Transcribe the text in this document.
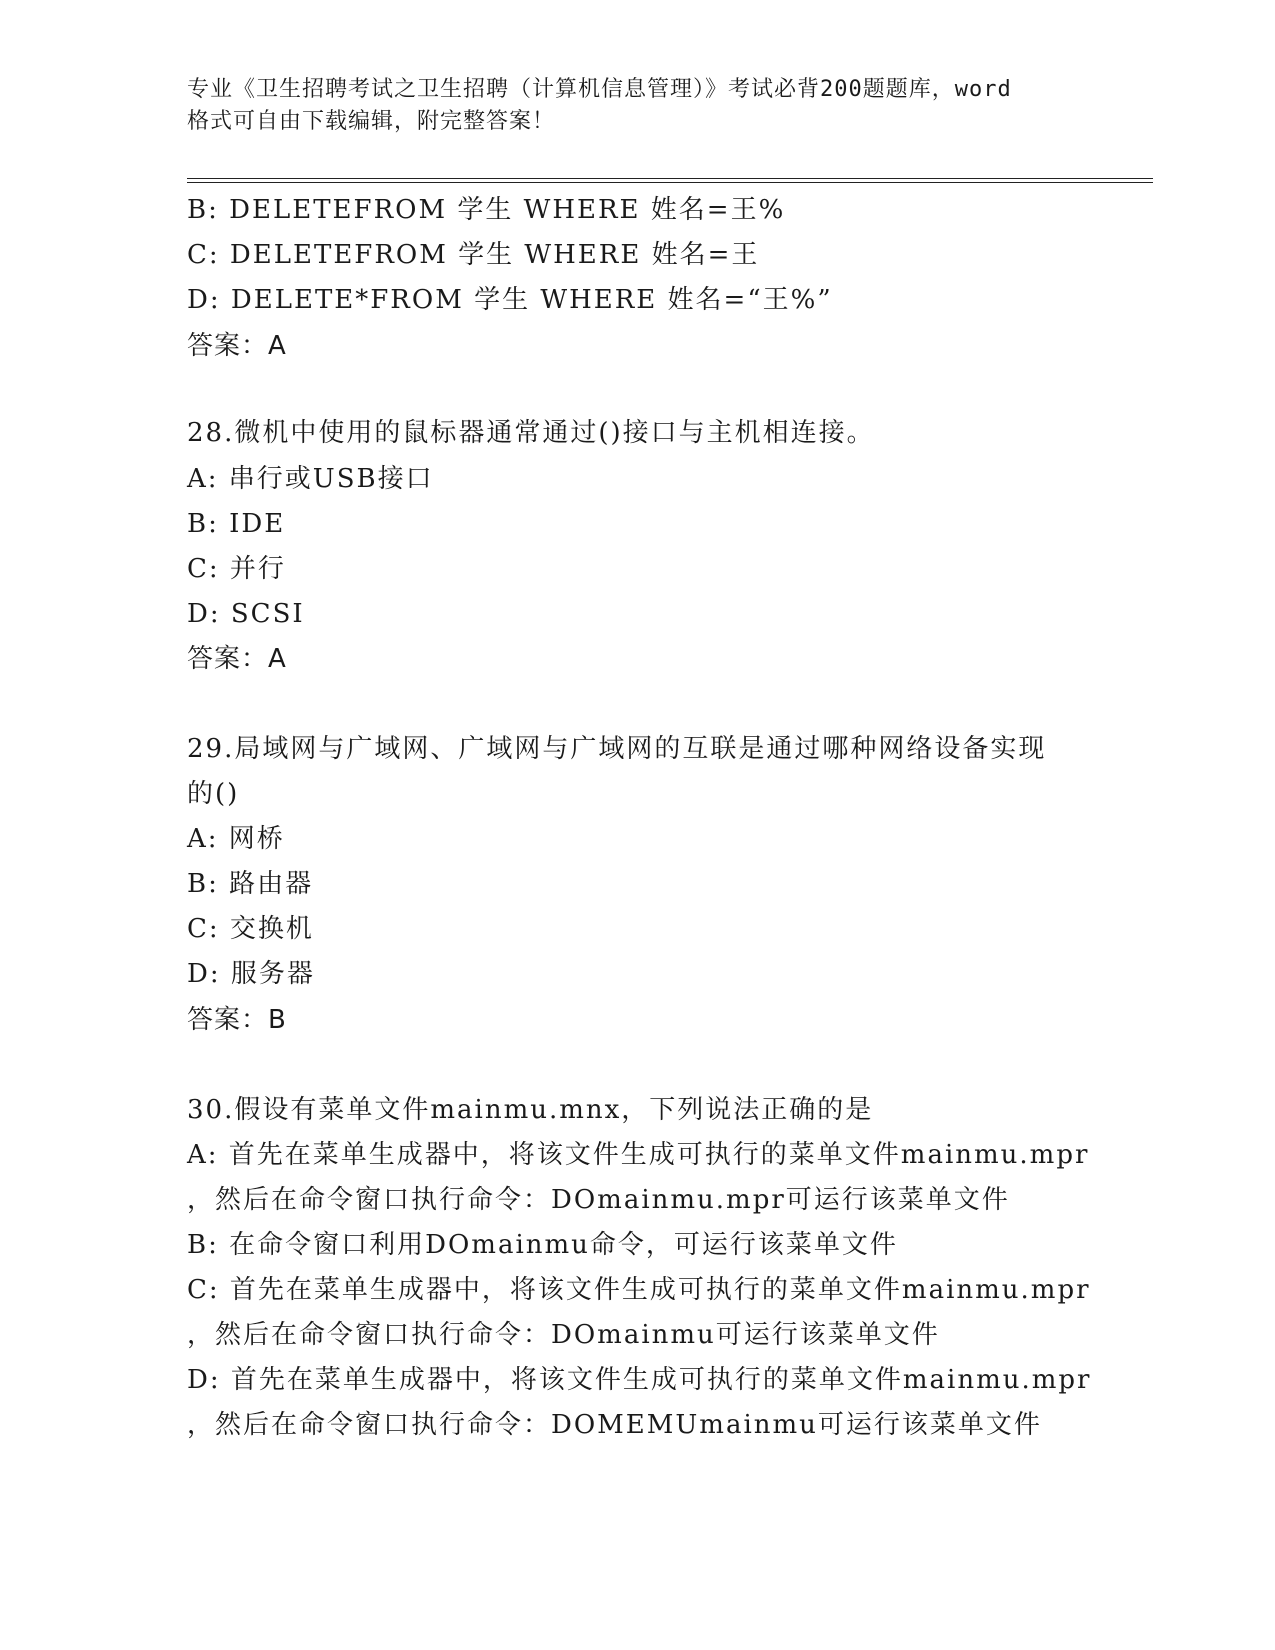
专业《卫生招聘考试之卫生招聘（计算机信息管理）》考试必背200题题库，word
格式可自由下载编辑，附完整答案！
B: DELETEFROM 学生 WHERE 姓名=王%
C: DELETEFROM 学生 WHERE 姓名=王
D: DELETE*FROM 学生 WHERE 姓名=“王%”
答案：A
28.微机中使用的鼠标器通常通过()接口与主机相连接。
A: 串行或USB接口
B: IDE
C: 并行
D: SCSI
答案：A
29.局域网与广域网、广域网与广域网的互联是通过哪种网络设备实现
的()
A: 网桥
B: 路由器
C: 交换机
D: 服务器
答案：B
30.假设有菜单文件mainmu.mnx，下列说法正确的是
A: 首先在菜单生成器中，将该文件生成可执行的菜单文件mainmu.mpr
，然后在命令窗口执行命令：DOmainmu.mpr可运行该菜单文件
B: 在命令窗口利用DOmainmu命令，可运行该菜单文件
C: 首先在菜单生成器中，将该文件生成可执行的菜单文件mainmu.mpr
，然后在命令窗口执行命令：DOmainmu可运行该菜单文件
D: 首先在菜单生成器中，将该文件生成可执行的菜单文件mainmu.mpr
，然后在命令窗口执行命令：DOMEMUmainmu可运行该菜单文件
